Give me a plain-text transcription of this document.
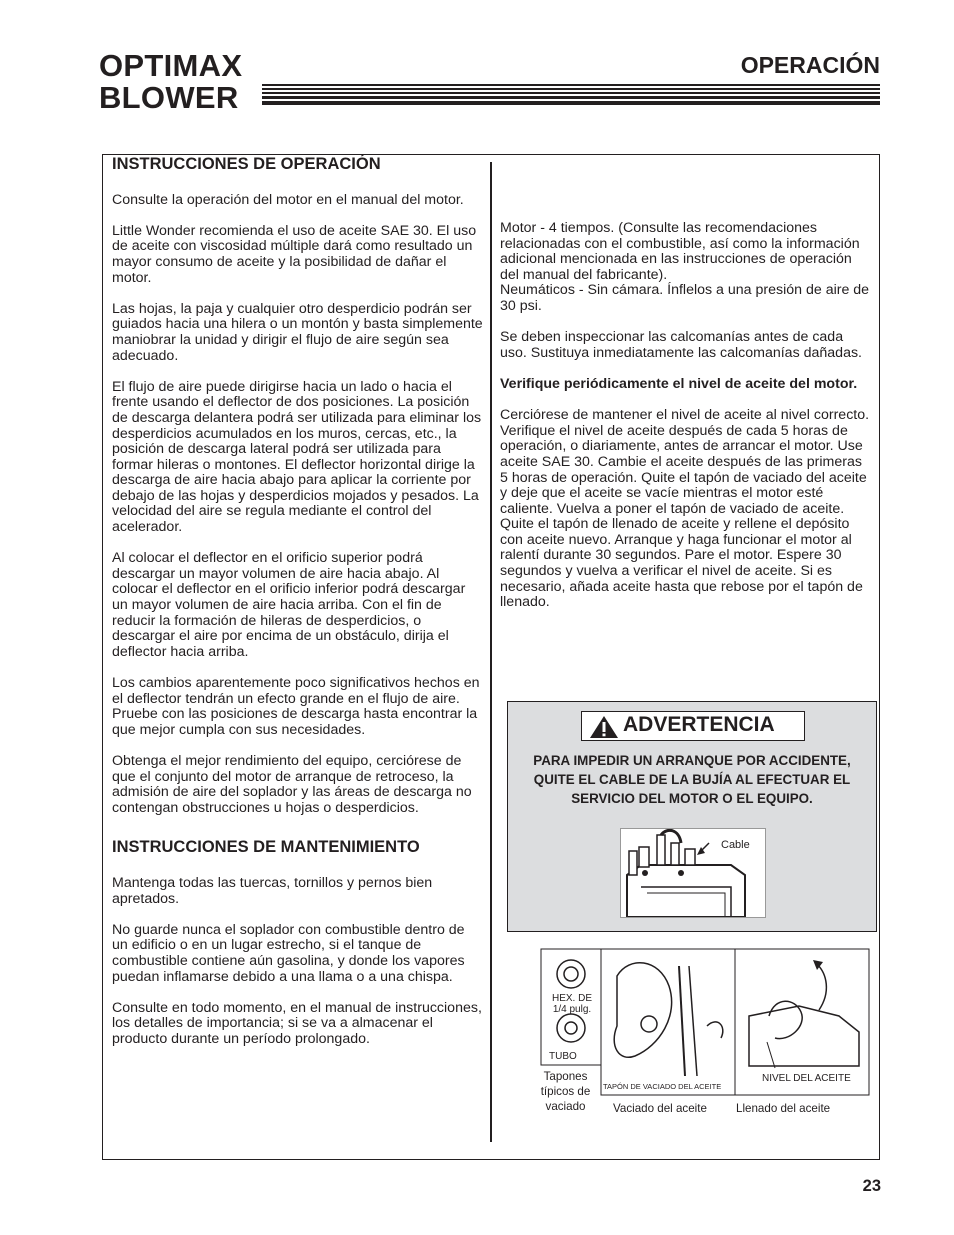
OPTIMAX
BLOWER
OPERACIÓN
INSTRUCCIONES DE OPERACIÓN

Consulte la operación del motor en el manual del motor.

Little Wonder recomienda el uso de aceite SAE 30. El uso de aceite con viscosidad múltiple dará como resultado un mayor consumo de aceite y la posibilidad de dañar el motor.

Las hojas, la paja y cualquier otro desperdicio podrán ser guiados hacia una hilera o un montón y basta simplemente maniobrar la unidad y dirigir el flujo de aire según sea adecuado.

El flujo de aire puede dirigirse hacia un lado o hacia el frente usando el deflector de dos posiciones. La posición de descarga delantera podrá ser utilizada para eliminar los desperdicios acumulados en los muros, cercas, etc., la posición de descarga lateral podrá ser utilizada para formar hileras o montones. El deflector horizontal dirige la descarga de aire hacia abajo para aplicar la corriente por debajo de las hojas y desperdicios mojados y pesados. La velocidad del aire se regula mediante el control del acelerador.

Al colocar el deflector en el orificio superior podrá descargar un mayor volumen de aire hacia abajo. Al colocar el deflector en el orificio inferior podrá descargar un mayor volumen de aire hacia arriba. Con el fin de reducir la formación de hileras de desperdicios, o descargar el aire por encima de un obstáculo, dirija el deflector hacia arriba.

Los cambios aparentemente poco significativos hechos en el deflector tendrán un efecto grande en el flujo de aire. Pruebe con las posiciones de descarga hasta encontrar la que mejor cumpla con sus necesidades.

Obtenga el mejor rendimiento del equipo, cerciórese de que el conjunto del motor de arranque de retroceso, la admisión de aire del soplador y las áreas de descarga no contengan obstrucciones u hojas o desperdicios.

INSTRUCCIONES DE MANTENIMIENTO

Mantenga todas las tuercas, tornillos y pernos bien apretados.

No guarde nunca el soplador con combustible dentro de un edificio o en un lugar estrecho, si el tanque de combustible contiene aún gasolina, y donde los vapores puedan inflamarse debido a una llama o a una chispa.

Consulte en todo momento, en el manual de instrucciones, los detalles de importancia; si se va a almacenar el producto durante un período prolongado.

Motor - 4 tiempos. (Consulte las recomendaciones relacionadas con el combustible, así como la información adicional mencionada en las instrucciones de operación del manual del fabricante).

Neumáticos - Sin cámara. Ínflelos a una presión de aire de 30 psi.

Se deben inspeccionar las calcomanías antes de cada uso. Sustituya inmediatamente las calcomanías dañadas.

Verifique periódicamente el nivel de aceite del motor.

Cerciórese de mantener el nivel de aceite al nivel correcto. Verifique el nivel de aceite después de cada 5 horas de operación, o diariamente, antes de arrancar el motor. Use aceite SAE 30. Cambie el aceite después de las primeras 5 horas de operación. Quite el tapón de vaciado del aceite y deje que el aceite se vacíe mientras el motor esté caliente. Vuelva a poner el tapón de vaciado de aceite. Quite el tapón de llenado de aceite y rellene el depósito con aceite nuevo. Arranque y haga funcionar el motor al ralentí durante 30 segundos. Pare el motor. Espere 30 segundos y vuelva a verificar el nivel de aceite. Si es necesario, añada aceite hasta que rebose por el tapón de llenado.

ADVERTENCIA
PARA IMPEDIR UN ARRANQUE POR ACCIDENTE,
QUITE EL CABLE DE LA BUJÍA AL EFECTUAR EL
SERVICIO DEL MOTOR O EL EQUIPO.
Cable
HEX. DE
1/4 pulg.
TUBO
TAPÓN DE VACIADO DEL ACEITE
NIVEL DEL ACEITE
Tapones
típicos de
vaciado	Vaciado del aceite	Llenado del aceite
23
